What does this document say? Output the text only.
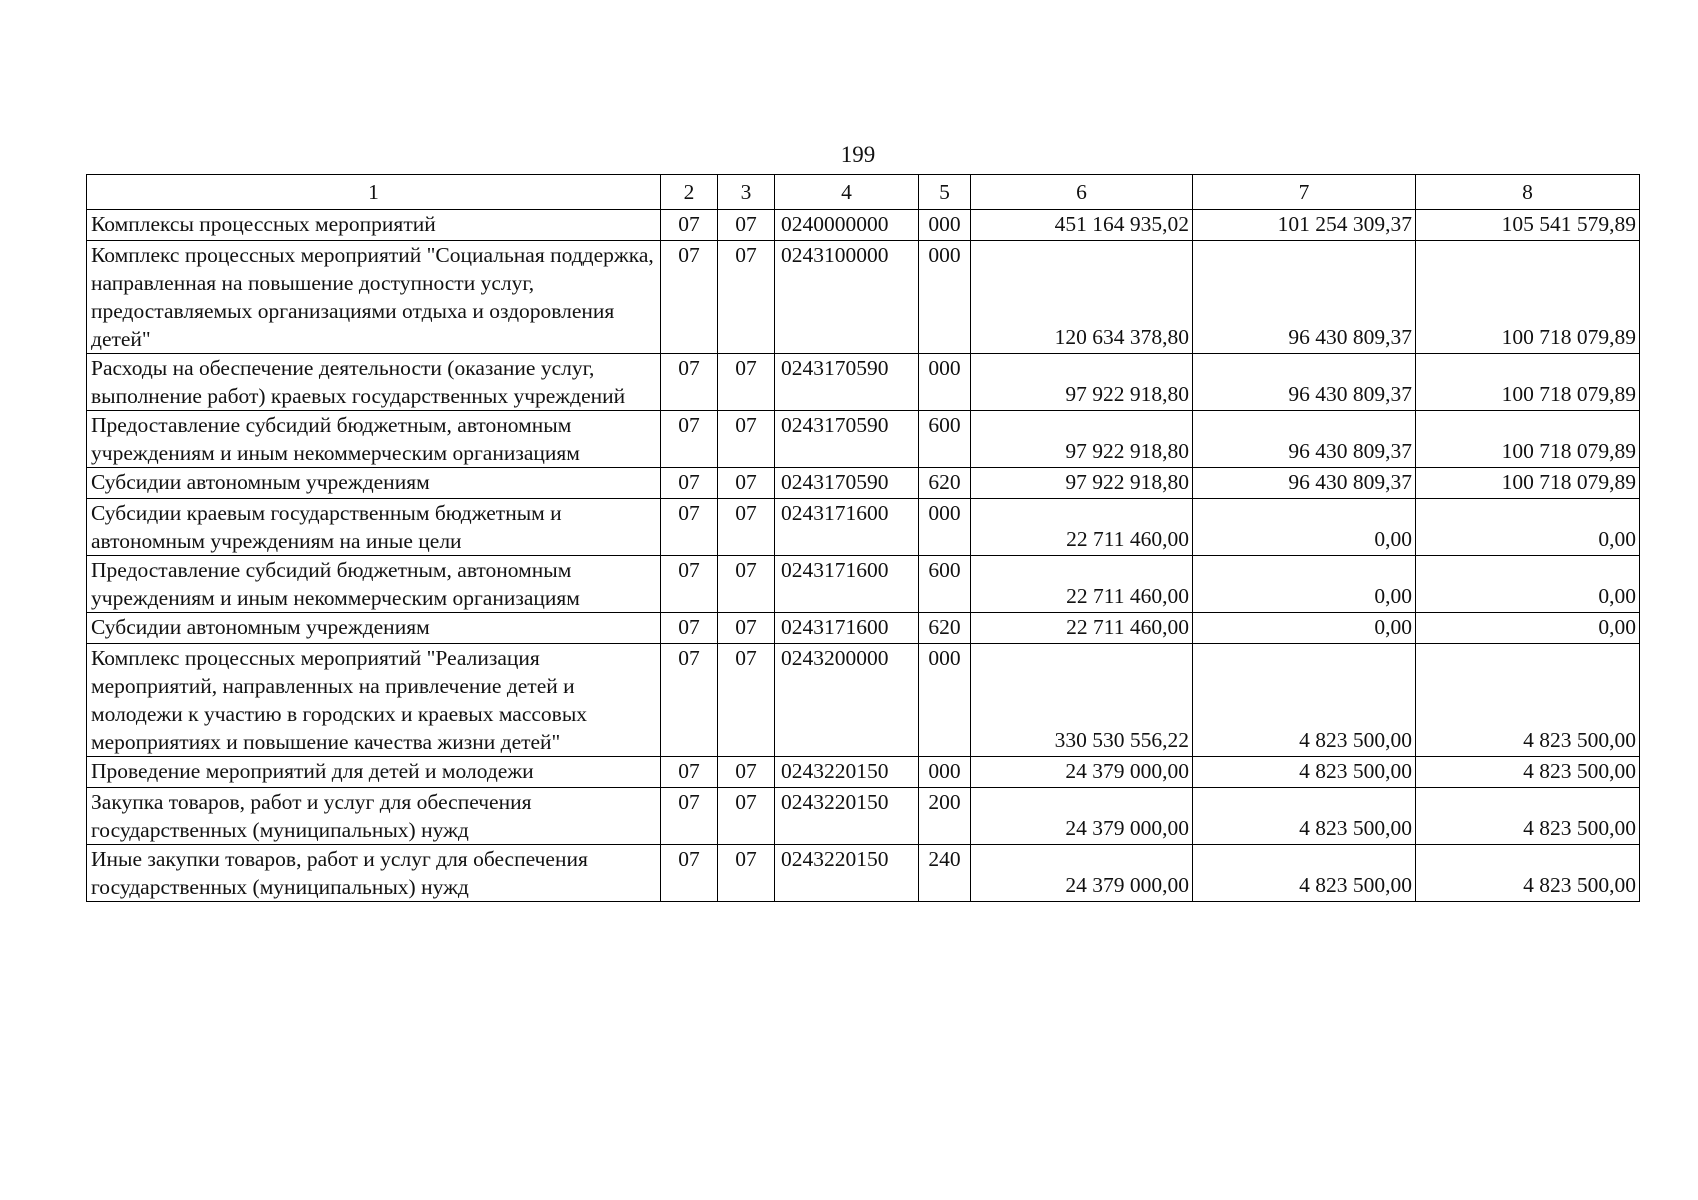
199
1	2	3	4	5	6	7	8
Комплексы процессных мероприятий	07	07	0240000000	000	451 164 935,02	101 254 309,37	105 541 579,89
Комплекс процессных мероприятий "Социальная поддержка, направленная на повышение доступности услуг, предоставляемых организациями отдыха и оздоровления детей"	07	07	0243100000	000	120 634 378,80	96 430 809,37	100 718 079,89
Расходы на обеспечение деятельности (оказание услуг, выполнение работ) краевых государственных учреждений	07	07	0243170590	000	97 922 918,80	96 430 809,37	100 718 079,89
Предоставление субсидий бюджетным, автономным учреждениям и иным некоммерческим организациям	07	07	0243170590	600	97 922 918,80	96 430 809,37	100 718 079,89
Субсидии автономным учреждениям	07	07	0243170590	620	97 922 918,80	96 430 809,37	100 718 079,89
Субсидии краевым государственным бюджетным и автономным учреждениям на иные цели	07	07	0243171600	000	22 711 460,00	0,00	0,00
Предоставление субсидий бюджетным, автономным учреждениям и иным некоммерческим организациям	07	07	0243171600	600	22 711 460,00	0,00	0,00
Субсидии автономным учреждениям	07	07	0243171600	620	22 711 460,00	0,00	0,00
Комплекс процессных мероприятий "Реализация мероприятий, направленных на привлечение детей и молодежи к участию в городских и краевых массовых мероприятиях и повышение качества жизни детей"	07	07	0243200000	000	330 530 556,22	4 823 500,00	4 823 500,00
Проведение мероприятий для детей и молодежи	07	07	0243220150	000	24 379 000,00	4 823 500,00	4 823 500,00
Закупка товаров, работ и услуг для обеспечения государственных (муниципальных) нужд	07	07	0243220150	200	24 379 000,00	4 823 500,00	4 823 500,00
Иные закупки товаров, работ и услуг для обеспечения государственных (муниципальных) нужд	07	07	0243220150	240	24 379 000,00	4 823 500,00	4 823 500,00
